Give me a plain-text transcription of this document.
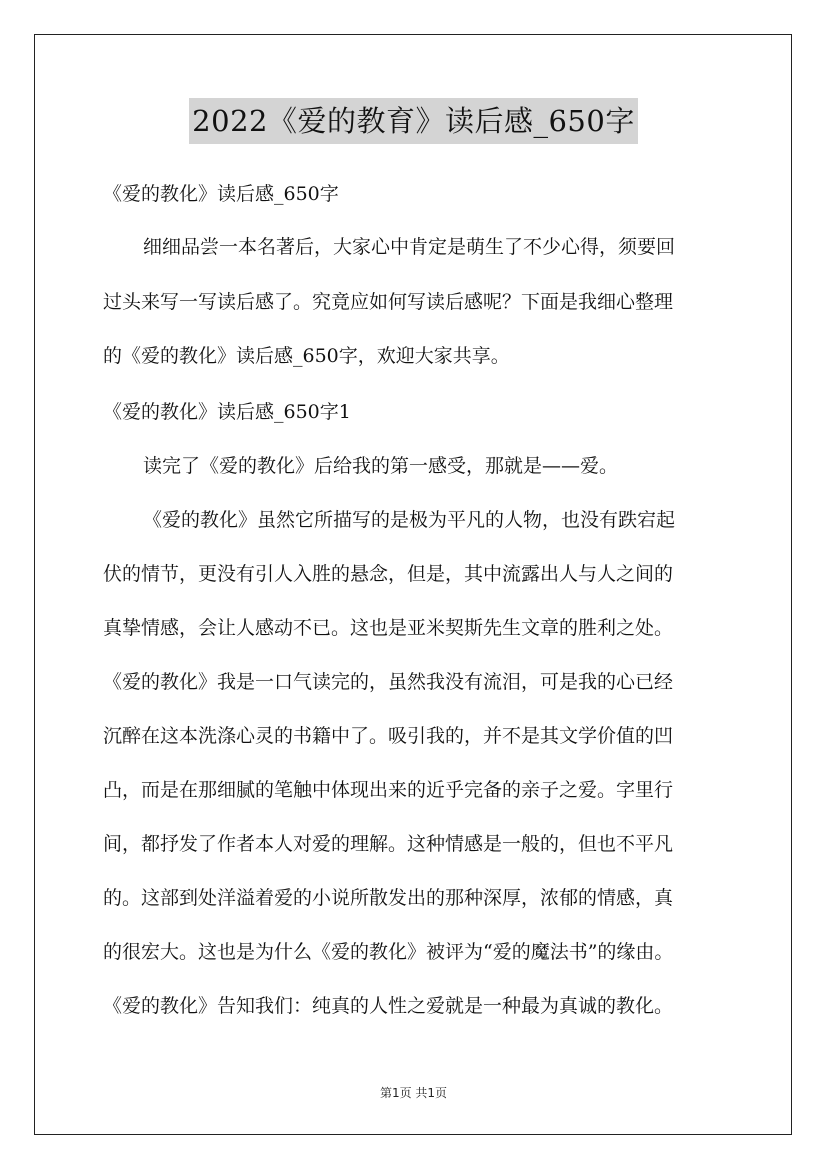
2022《爱的教育》读后感_650字

《爱的教化》读后感_650字

细细品尝一本名著后，大家心中肯定是萌生了不少心得，须要回

过头来写一写读后感了。究竟应如何写读后感呢？下面是我细心整理

的《爱的教化》读后感_650字，欢迎大家共享。

《爱的教化》读后感_650字1

读完了《爱的教化》后给我的第一感受，那就是——爱。

《爱的教化》虽然它所描写的是极为平凡的人物，也没有跌宕起

伏的情节，更没有引人入胜的悬念，但是，其中流露出人与人之间的

真挚情感，会让人感动不已。这也是亚米契斯先生文章的胜利之处。

《爱的教化》我是一口气读完的，虽然我没有流泪，可是我的心已经

沉醉在这本洗涤心灵的书籍中了。吸引我的，并不是其文学价值的凹

凸，而是在那细腻的笔触中体现出来的近乎完备的亲子之爱。字里行

间，都抒发了作者本人对爱的理解。这种情感是一般的，但也不平凡

的。这部到处洋溢着爱的小说所散发出的那种深厚，浓郁的情感，真

的很宏大。这也是为什么《爱的教化》被评为“爱的魔法书”的缘由。

《爱的教化》告知我们：纯真的人性之爱就是一种最为真诚的教化。

第1页 共1页
